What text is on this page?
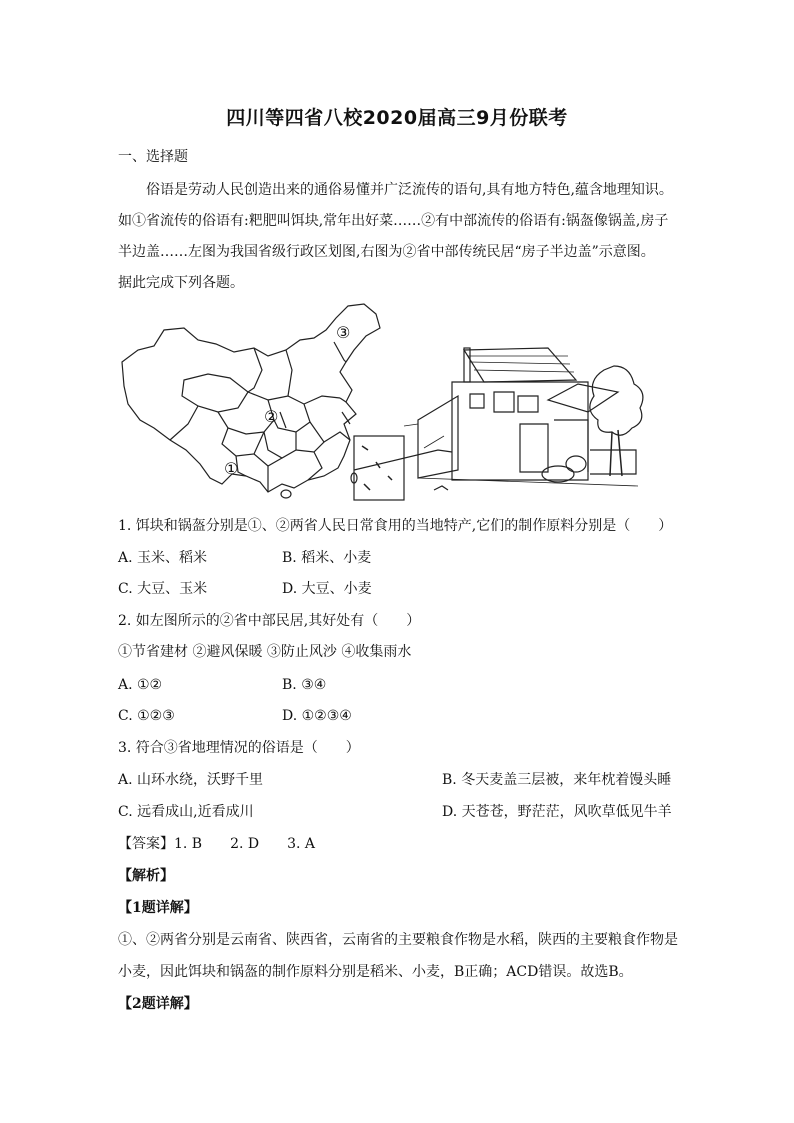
四川等四省八校2020届高三9月份联考
一、选择题
俗语是劳动人民创造出来的通俗易懂并广泛流传的语句,具有地方特色,蕴含地理知识。
如①省流传的俗语有:粑肥叫饵块,常年出好菜……②有中部流传的俗语有:锅盔像锅盖,房子
半边盖……左图为我国省级行政区划图,右图为②省中部传统民居“房子半边盖”示意图。
据此完成下列各题。
①
②
③
1. 饵块和锅盔分别是①、②两省人民日常食用的当地特产,它们的制作原料分别是（　　）
A. 玉米、稻米	B. 稻米、小麦
C. 大豆、玉米	D. 大豆、小麦
2. 如左图所示的②省中部民居,其好处有（　　）
①节省建材 ②避风保暖 ③防止风沙 ④收集雨水
A. ①②	B. ③④
C. ①②③	D. ①②③④
3. 符合③省地理情况的俗语是（　　）
A. 山环水绕，沃野千里	B. 冬天麦盖三层被，来年枕着馒头睡
C. 远看成山,近看成川	D. 天苍苍，野茫茫，风吹草低见牛羊
【答案】1. B　　2. D　　3. A
【解析】
【1题详解】
①、②两省分别是云南省、陕西省，云南省的主要粮食作物是水稻，陕西的主要粮食作物是
小麦，因此饵块和锅盔的制作原料分别是稻米、小麦，B正确；ACD错误。故选B。
【2题详解】
